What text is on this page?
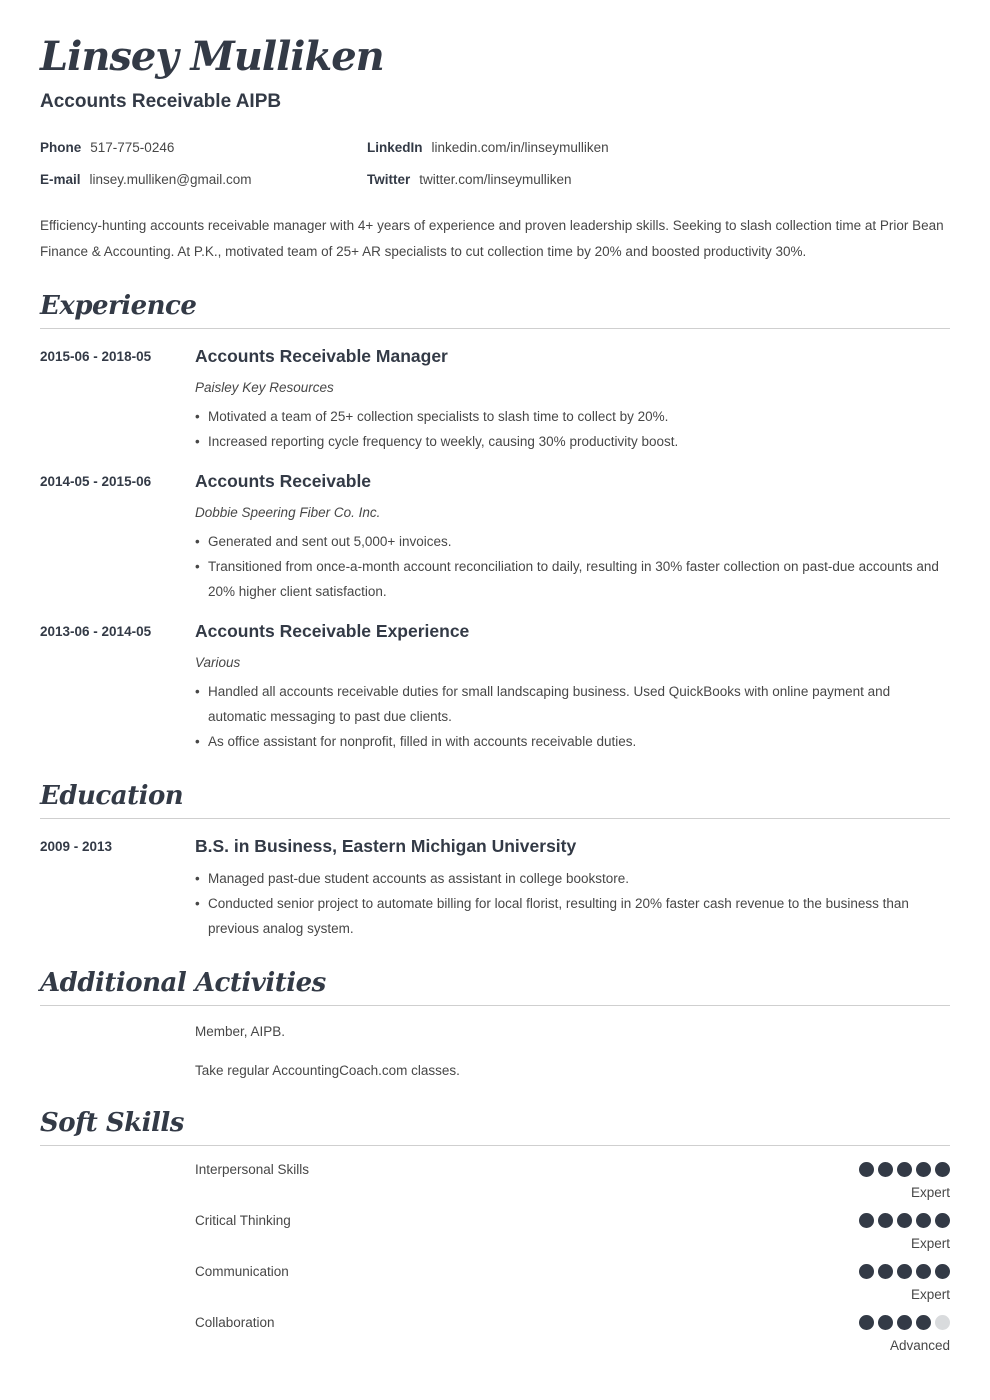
Linsey Mulliken
Accounts Receivable AIPB
Phone 517-775-0246	LinkedIn linkedin.com/in/linseymulliken
E-mail linsey.mulliken@gmail.com	Twitter twitter.com/linseymulliken
Efficiency-hunting accounts receivable manager with 4+ years of experience and proven leadership skills. Seeking to slash collection time at Prior Bean Finance & Accounting. At P.K., motivated team of 25+ AR specialists to cut collection time by 20% and boosted productivity 30%.
Experience
2015-06 - 2018-05	Accounts Receivable Manager
Paisley Key Resources
• Motivated a team of 25+ collection specialists to slash time to collect by 20%.
• Increased reporting cycle frequency to weekly, causing 30% productivity boost.
2014-05 - 2015-06	Accounts Receivable
Dobbie Speering Fiber Co. Inc.
• Generated and sent out 5,000+ invoices.
• Transitioned from once-a-month account reconciliation to daily, resulting in 30% faster collection on past-due accounts and 20% higher client satisfaction.
2013-06 - 2014-05	Accounts Receivable Experience
Various
• Handled all accounts receivable duties for small landscaping business. Used QuickBooks with online payment and automatic messaging to past due clients.
• As office assistant for nonprofit, filled in with accounts receivable duties.
Education
2009 - 2013	B.S. in Business, Eastern Michigan University
• Managed past-due student accounts as assistant in college bookstore.
• Conducted senior project to automate billing for local florist, resulting in 20% faster cash revenue to the business than previous analog system.
Additional Activities

Member, AIPB.

Take regular AccountingCoach.com classes.

Soft Skills
Interpersonal Skills
Expert
Critical Thinking
Expert
Communication
Expert
Collaboration
Advanced
